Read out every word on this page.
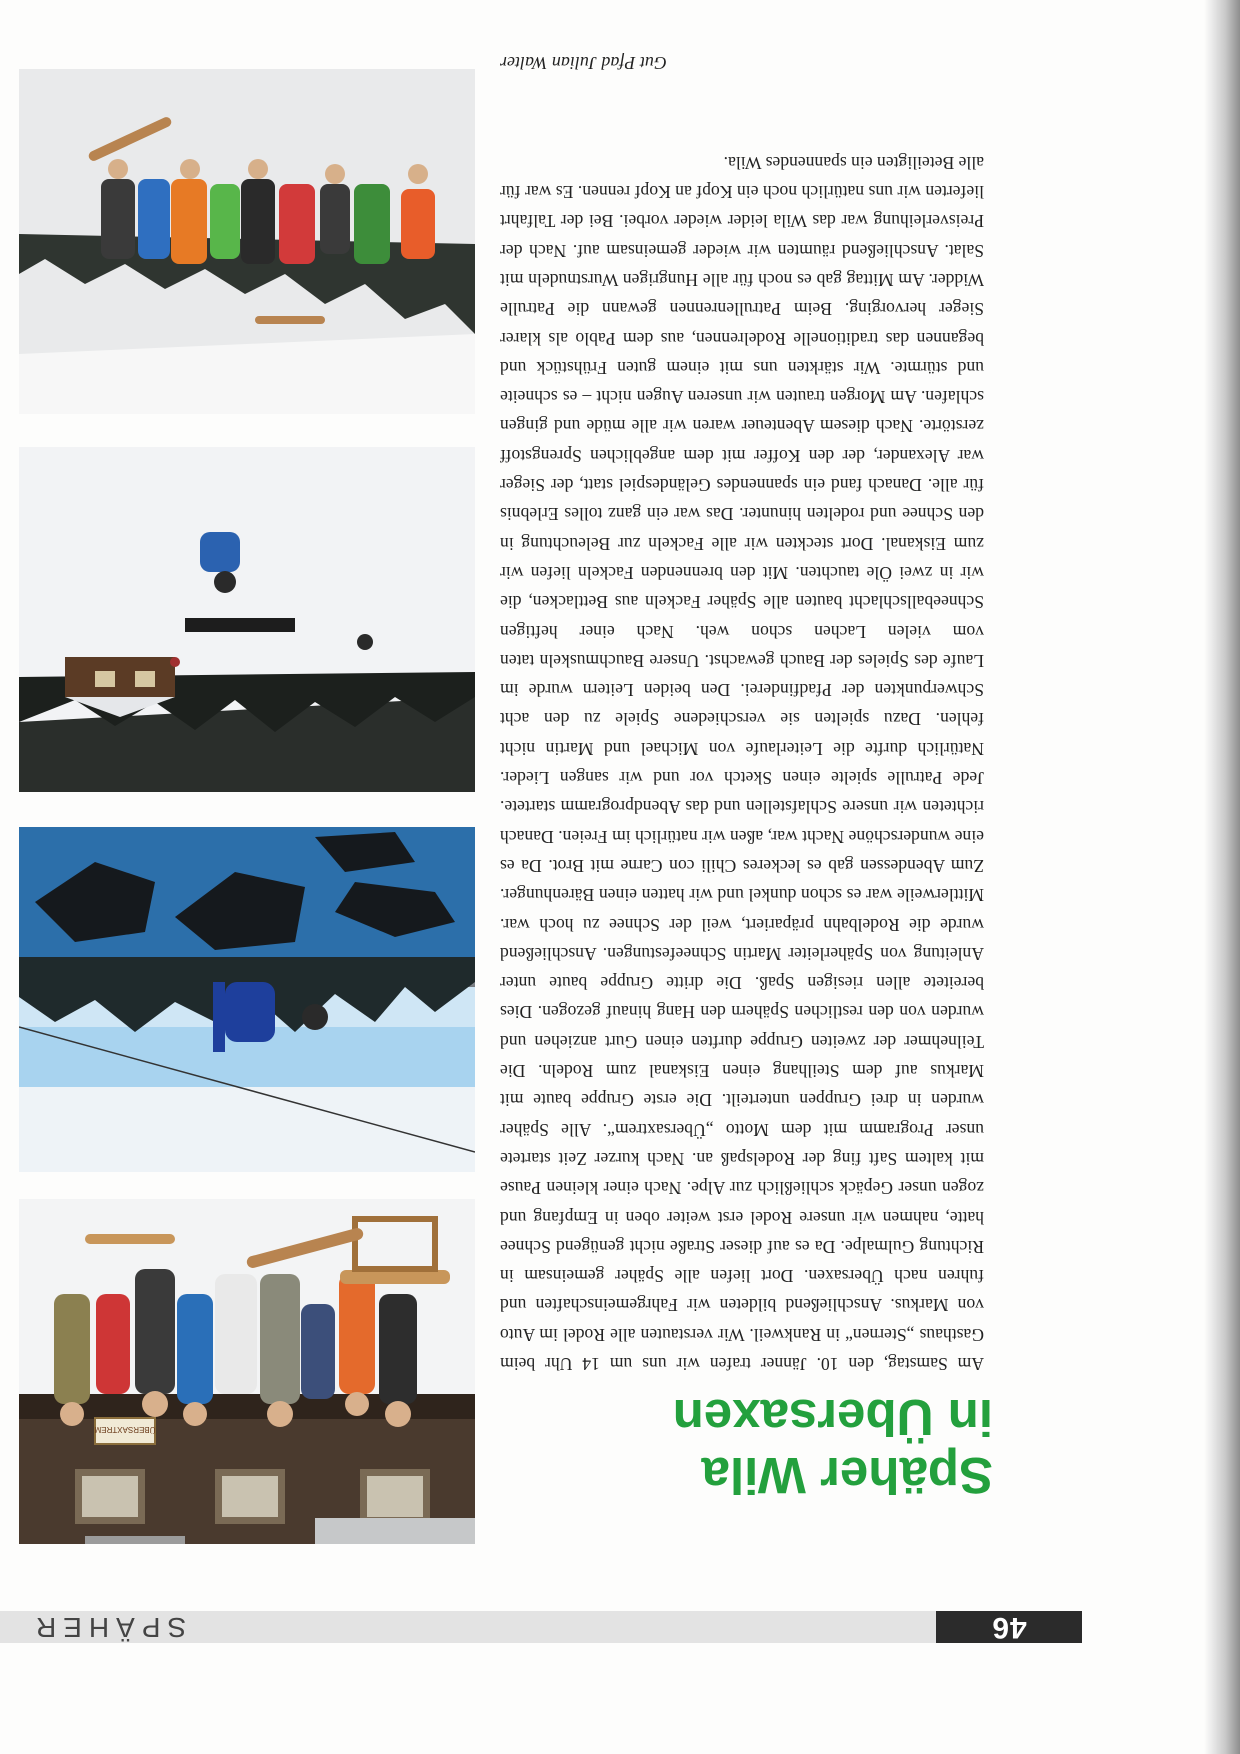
46
SPÄHER
Späher Wila
in Übersaxen

Am Samstag, den 10. Jänner trafen wir uns um 14 Uhr beim Gasthaus „Sternen“ in Rankweil. Wir verstauten alle Rodel im Auto von Markus. Anschließend bildeten wir Fahrgemeinschaften und fuhren nach Übersaxen. Dort liefen alle Späher gemeinsam in Richtung Gulmalpe. Da es auf dieser Straße nicht genügend Schnee hatte, nahmen wir unsere Rodel erst weiter oben in Empfang und zogen unser Gepäck schließlich zur Alpe. Nach einer kleinen Pause mit kaltem Saft fing der Rodelspaß an. Nach kurzer Zeit startete unser Programm mit dem Motto „Übersaxtrem“. Alle Späher wurden in drei Gruppen unterteilt. Die erste Gruppe baute mit Markus auf dem Steilhang einen Eiskanal zum Rodeln. Die Teilnehmer der zweiten Gruppe durften einen Gurt anziehen und wurden von den restlichen Spähern den Hang hinauf gezogen. Dies bereitete allen riesigen Spaß. Die dritte Gruppe baute unter Anleitung von Späherleiter Martin Schneefestungen. Anschließend wurde die Rodelbahn präpariert, weil der Schnee zu hoch war. Mittlerweile war es schon dunkel und wir hatten einen Bärenhunger. Zum Abendessen gab es leckeres Chili con Carne mit Brot. Da es eine wunderschöne Nacht war, aßen wir natürlich im Freien. Danach richteten wir unsere Schlafstellen und das Abendprogramm startete. Jede Patrulle spielte einen Sketch vor und wir sangen Lieder. Natürlich durfte die Leiterlaufe von Michael und Martin nicht fehlen. Dazu spielten sie verschiedene Spiele zu den acht Schwerpunkten der Pfadfinderei. Den beiden Leitern wurde im Laufe des Spieles der Bauch gewachst. Unsere Bauchmuskeln taten vom vielen Lachen schon weh. Nach einer heftigen Schneeballschlacht bauten alle Späher Fackeln aus Bettlacken, die wir in zwei Öle tauchten. Mit den brennenden Fackeln liefen wir zum Eiskanal. Dort steckten wir alle Fackeln zur Beleuchtung in den Schnee und rodelten hinunter. Das war ein ganz tolles Erlebnis für alle. Danach fand ein spannendes Geländespiel statt, der Sieger war Alexander, der den Koffer mit dem angeblichen Sprengstoff zerstörte. Nach diesem Abenteuer waren wir alle müde und gingen schlafen. Am Morgen trauten wir unseren Augen nicht – es schneite und stürmte. Wir stärkten uns mit einem guten Frühstück und begannen das traditionelle Rodelrennen, aus dem Pablo als klarer Sieger hervorging. Beim Patrullenrennen gewann die Patrulle Widder. Am Mittag gab es noch für alle Hungrigen Wurstnudeln mit Salat. Anschließend räumten wir wieder gemeinsam auf. Nach der Preisverleihung war das Wila leider wieder vorbei. Bei der Talfahrt lieferten wir uns natürlich noch ein Kopf an Kopf rennen. Es war für alle Beteiligten ein spannendes Wila.

Gut Pfad Julian Walter

ÜBERSAXTREM
